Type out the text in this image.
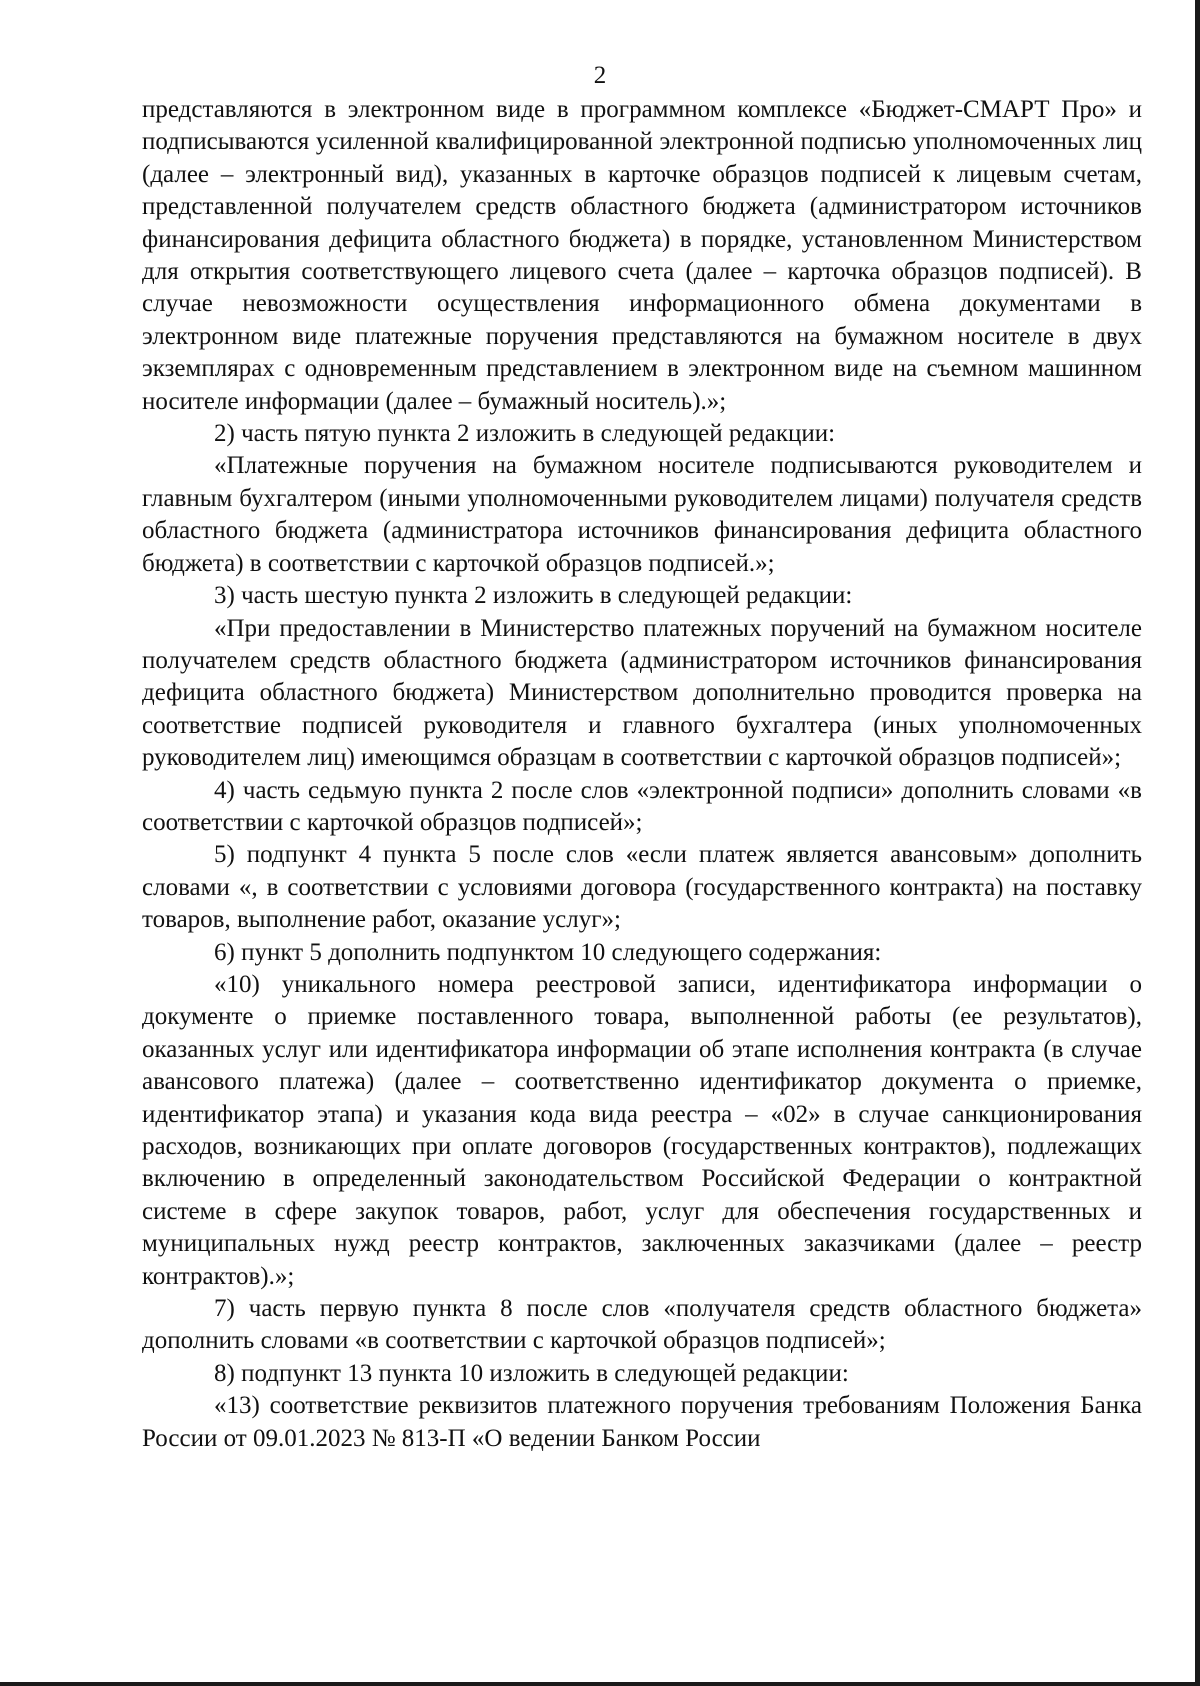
2

представляются в электронном виде в программном комплексе «Бюджет-СМАРТ Про» и подписываются усиленной квалифицированной электронной подписью уполномоченных лиц (далее – электронный вид), указанных в карточке образцов подписей к лицевым счетам, представленной получателем средств областного бюджета (администратором источников финансирования дефицита областного бюджета) в порядке, установленном Министерством для открытия соответствующего лицевого счета (далее – карточка образцов подписей). В случае невозможности осуществления информационного обмена документами в электронном виде платежные поручения представляются на бумажном носителе в двух экземплярах с одновременным представлением в электронном виде на съемном машинном носителе информации (далее – бумажный носитель).»;

2) часть пятую пункта 2 изложить в следующей редакции:

«Платежные поручения на бумажном носителе подписываются руководителем и главным бухгалтером (иными уполномоченными руководителем лицами) получателя средств областного бюджета (администратора источников финансирования дефицита областного бюджета) в соответствии с карточкой образцов подписей.»;

3) часть шестую пункта 2 изложить в следующей редакции:

«При предоставлении в Министерство платежных поручений на бумажном носителе получателем средств областного бюджета (администратором источников финансирования дефицита областного бюджета) Министерством дополнительно проводится проверка на соответствие подписей руководителя и главного бухгалтера (иных уполномоченных руководителем лиц) имеющимся образцам в соответствии с карточкой образцов подписей»;

4) часть седьмую пункта 2 после слов «электронной подписи» дополнить словами «в соответствии с карточкой образцов подписей»;

5) подпункт 4 пункта 5 после слов «если платеж является авансовым» дополнить словами «, в соответствии с условиями договора (государственного контракта) на поставку товаров, выполнение работ, оказание услуг»;

6) пункт 5 дополнить подпунктом 10 следующего содержания:

«10) уникального номера реестровой записи, идентификатора информации о документе о приемке поставленного товара, выполненной работы (ее результатов), оказанных услуг или идентификатора информации об этапе исполнения контракта (в случае авансового платежа) (далее – соответственно идентификатор документа о приемке, идентификатор этапа) и указания кода вида реестра – «02» в случае санкционирования расходов, возникающих при оплате договоров (государственных контрактов), подлежащих включению в определенный законодательством Российской Федерации о контрактной системе в сфере закупок товаров, работ, услуг для обеспечения государственных и муниципальных нужд реестр контрактов, заключенных заказчиками (далее – реестр контрактов).»;

7) часть первую пункта 8 после слов «получателя средств областного бюджета» дополнить словами «в соответствии с карточкой образцов подписей»;

8) подпункт 13 пункта 10 изложить в следующей редакции:

«13) соответствие реквизитов платежного поручения требованиям Положения Банка России от 09.01.2023 № 813-П «О ведении Банком России
